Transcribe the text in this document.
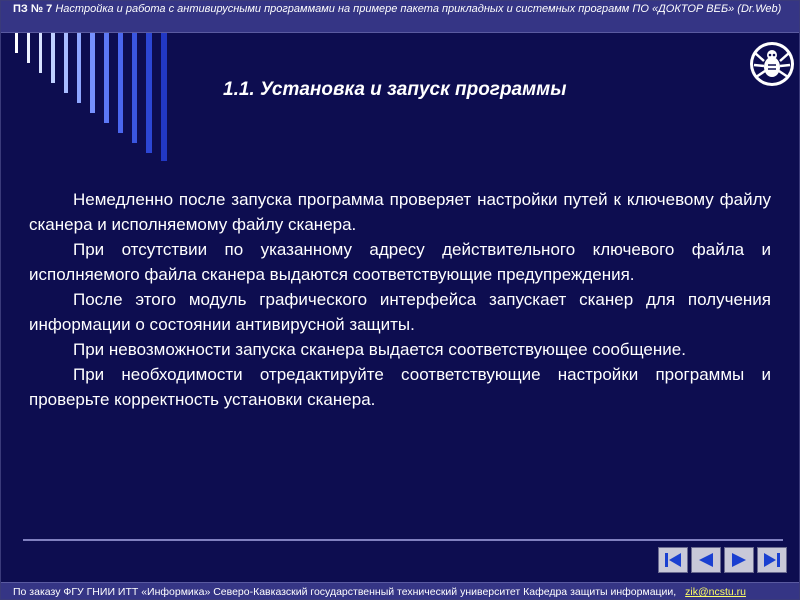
ПЗ № 7 Настройка и работа с антивирусными программами на примере пакета прикладных и системных программ ПО «ДОКТОР ВЕБ» (Dr.Web)
1.1. Установка и запуск программы

Немедленно после запуска программа проверяет настройки путей к ключевому файлу сканера и исполняемому файлу сканера.

При отсутствии по указанному адресу действительного ключевого файла и исполняемого файла сканера выдаются соответствующие предупреждения.

После этого модуль графического интерфейса запускает сканер для получения информации о состоянии антивирусной защиты.

При невозможности запуска сканера выдается соответствующее сообщение.

При необходимости отредактируйте соответствующие настройки программы и проверьте корректность установки сканера.

По заказу ФГУ ГНИИ ИТТ «Информика» Северо-Кавказский государственный технический университет Кафедра защиты информации, zik@ncstu.ru
